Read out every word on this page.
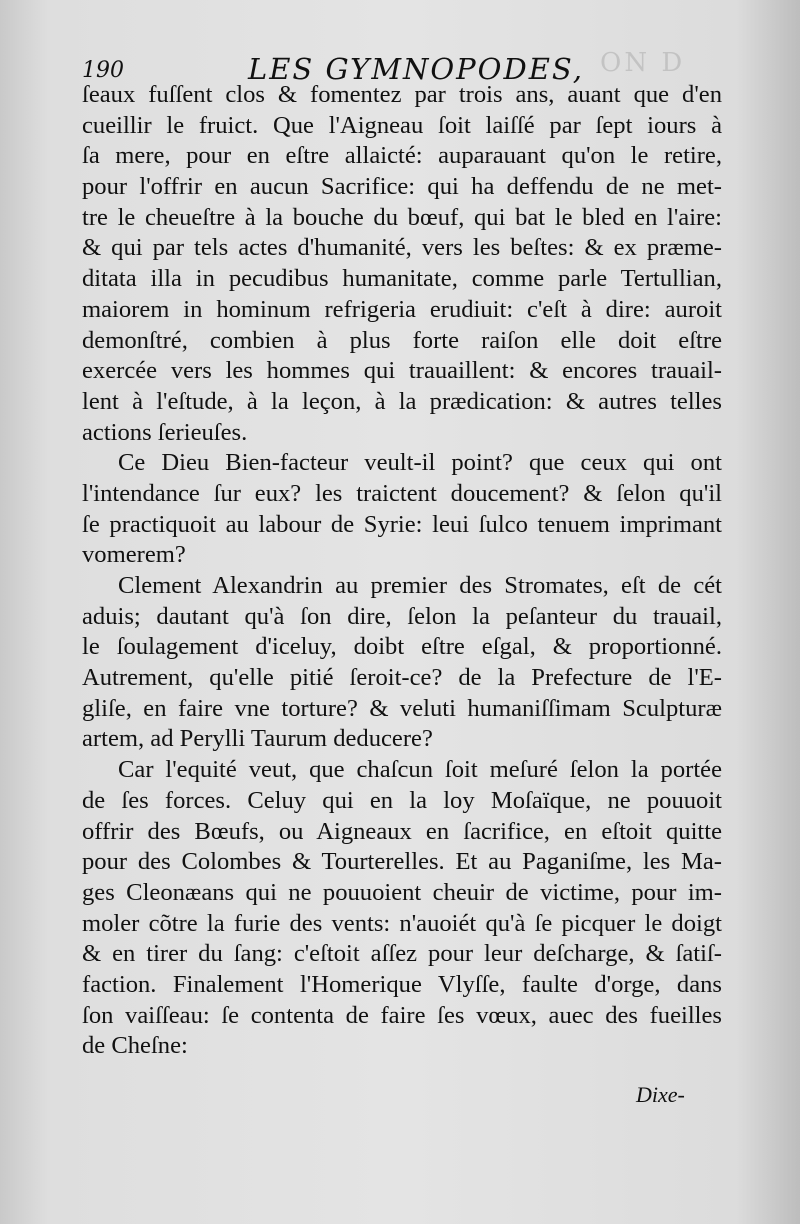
ON D
190	LES GYMNOPODES,
ſeaux fuſſent clos & fomentez par trois ans, auant que d'en
cueillir le fruict. Que l'Aigneau ſoit laiſſé par ſept iours à
ſa mere, pour en eſtre allaicté: auparauant qu'on le retire,
pour l'offrir en aucun Sacrifice: qui ha deffendu de ne met-
tre le cheueſtre à la bouche du bœuf, qui bat le bled en l'aire:
& qui par tels actes d'humanité, vers les beſtes: & ex præme-
ditata illa in pecudibus humanitate, comme parle Tertullian,
maiorem in hominum refrigeria erudiuit: c'eſt à dire: auroit
demonſtré, combien à plus forte raiſon elle doit eſtre
exercée vers les hommes qui trauaillent: & encores trauail-
lent à l'eſtude, à la leçon, à la prædication: & autres telles
actions ſerieuſes.
Ce Dieu Bien-facteur veult-il point? que ceux qui ont
l'intendance ſur eux? les traictent doucement? & ſelon qu'il
ſe practiquoit au labour de Syrie: leui ſulco tenuem imprimant
vomerem?
Clement Alexandrin au premier des Stromates, eſt de cét
aduis; dautant qu'à ſon dire, ſelon la peſanteur du trauail,
le ſoulagement d'iceluy, doibt eſtre eſgal, & proportionné.
Autrement, qu'elle pitié ſeroit-ce? de la Prefecture de l'E-
gliſe, en faire vne torture? & veluti humaniſſimam Sculpturæ
artem, ad Perylli Taurum deducere?
Car l'equité veut, que chaſcun ſoit meſuré ſelon la portée
de ſes forces. Celuy qui en la loy Moſaïque, ne pouuoit
offrir des Bœufs, ou Aigneaux en ſacrifice, en eſtoit quitte
pour des Colombes & Tourterelles. Et au Paganiſme, les Ma-
ges Cleonæans qui ne pouuoient cheuir de victime, pour im-
moler cõtre la furie des vents: n'auoiét qu'à ſe picquer le doigt
& en tirer du ſang: c'eſtoit aſſez pour leur deſcharge, & ſatiſ-
faction. Finalement l'Homerique Vlyſſe, faulte d'orge, dans
ſon vaiſſeau: ſe contenta de faire ſes vœux, auec des fueilles
de Cheſne:
Dixe-
